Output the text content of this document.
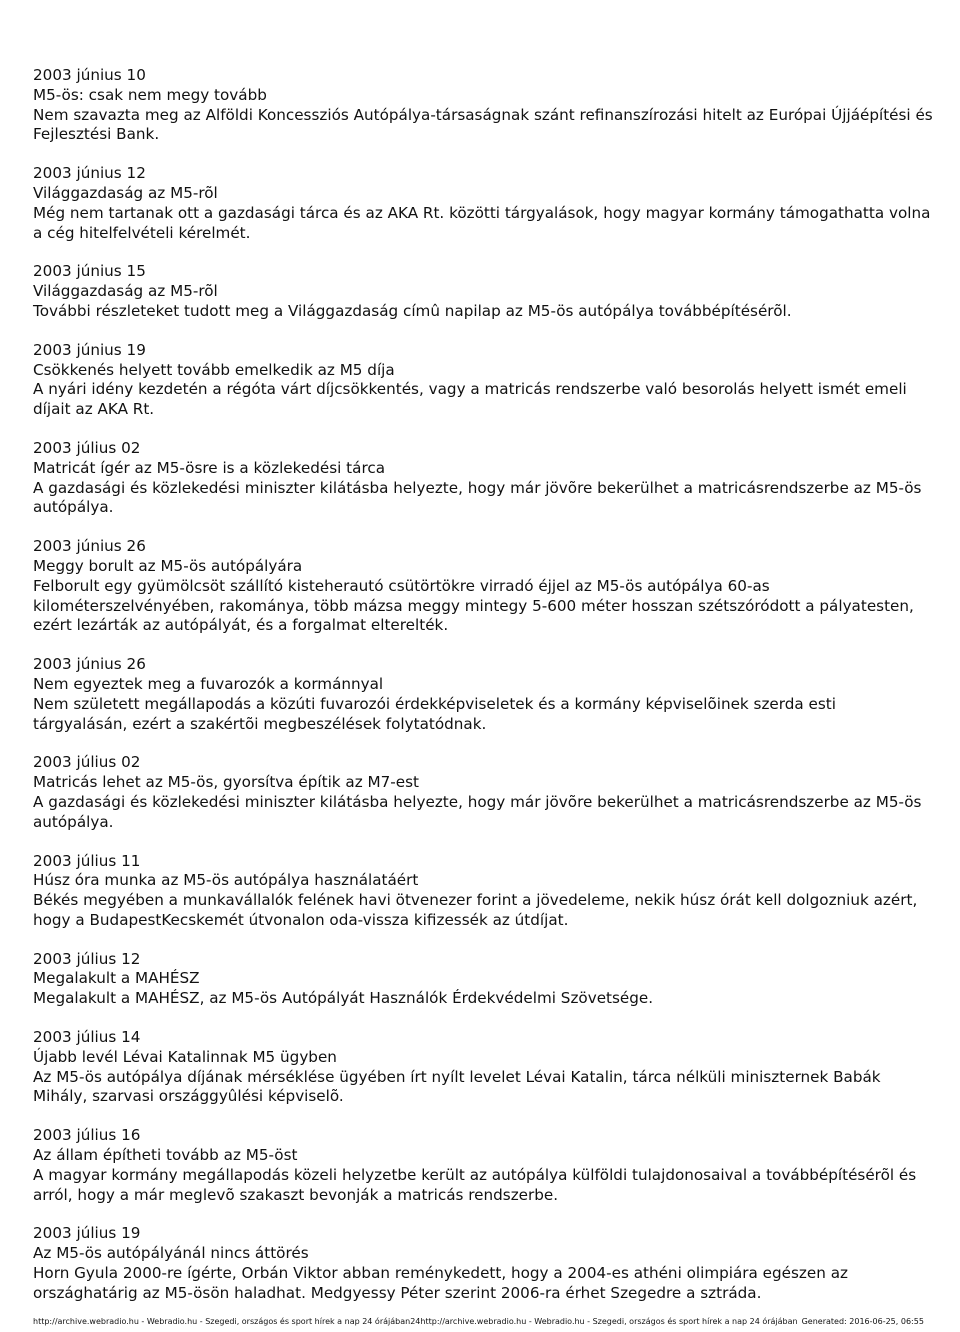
2003 június 10
M5-ös: csak nem megy tovább
Nem szavazta meg az Alföldi Koncessziós Autópálya-társaságnak szánt refinanszírozási hitelt az Európai Újjáépítési és Fejlesztési Bank.
2003 június 12
Világgazdaság az M5-rõl
Még nem tartanak ott a gazdasági tárca és az AKA Rt. közötti tárgyalások, hogy magyar kormány támogathatta volna a cég hitelfelvételi kérelmét.
2003 június 15
Világgazdaság az M5-rõl
További részleteket tudott meg a Világgazdaság címû napilap az M5-ös autópálya továbbépítésérõl.
2003 június 19
Csökkenés helyett tovább emelkedik az M5 díja
A nyári idény kezdetén a régóta várt díjcsökkentés, vagy a matricás rendszerbe való besorolás helyett ismét emeli díjait az AKA Rt.
2003 július 02
Matricát ígér az M5-ösre is a közlekedési tárca
A gazdasági és közlekedési miniszter kilátásba helyezte, hogy már jövõre bekerülhet a matricásrendszerbe az M5-ös autópálya.
2003 június 26
Meggy borult az M5-ös autópályára
Felborult egy gyümölcsöt szállító kisteherautó csütörtökre virradó éjjel az M5-ös autópálya 60-as kilométerszelvényében, rakománya, több mázsa meggy mintegy 5-600 méter hosszan szétszóródott a pályatesten, ezért lezárták az autópályát, és a forgalmat elterelték.
2003 június 26
Nem egyeztek meg a fuvarozók a kormánnyal
Nem született megállapodás a közúti fuvarozói érdekképviseletek és a kormány képviselõinek szerda esti tárgyalásán, ezért a szakértõi megbeszélések folytatódnak.
2003 július 02
Matricás lehet az M5-ös, gyorsítva építik az M7-est
A gazdasági és közlekedési miniszter kilátásba helyezte, hogy már jövõre bekerülhet a matricásrendszerbe az M5-ös autópálya.
2003 július 11
Húsz óra munka az M5-ös autópálya használatáért
Békés megyében a munkavállalók felének havi ötvenezer forint a jövedeleme, nekik húsz órát kell dolgozniuk azért, hogy a BudapestKecskemét útvonalon oda-vissza kifizessék az útdíjat.
2003 július 12
Megalakult a MAHÉSZ
Megalakult a MAHÉSZ, az M5-ös Autópályát Használók Érdekvédelmi Szövetsége.
2003 július 14
Újabb levél Lévai Katalinnak M5 ügyben
Az M5-ös autópálya díjának mérséklése ügyében írt nyílt levelet Lévai Katalin, tárca nélküli miniszternek Babák Mihály, szarvasi országgyûlési képviselõ.
2003 július 16
Az állam építheti tovább az M5-öst
A magyar kormány megállapodás közeli helyzetbe került az autópálya külföldi tulajdonosaival a továbbépítésérõl és arról, hogy a már meglevõ szakaszt bevonják a matricás rendszerbe.
2003 július 19
Az M5-ös autópályánál nincs áttörés
Horn Gyula 2000-re ígérte, Orbán Viktor abban reménykedett, hogy a 2004-es athéni olimpiára egészen az országhatárig az M5-ösön haladhat. Medgyessy Péter szerint 2006-ra érhet Szegedre a sztráda.
http://archive.webradio.hu - Webradio.hu - Szegedi, országos és sport hírek a nap 24 órájában 24 http://archive.webradio.hu - Webradio.hu - Szegedi, országos és sport hírek a nap 24 órájában Generated: 2016-06-25, 06:55
